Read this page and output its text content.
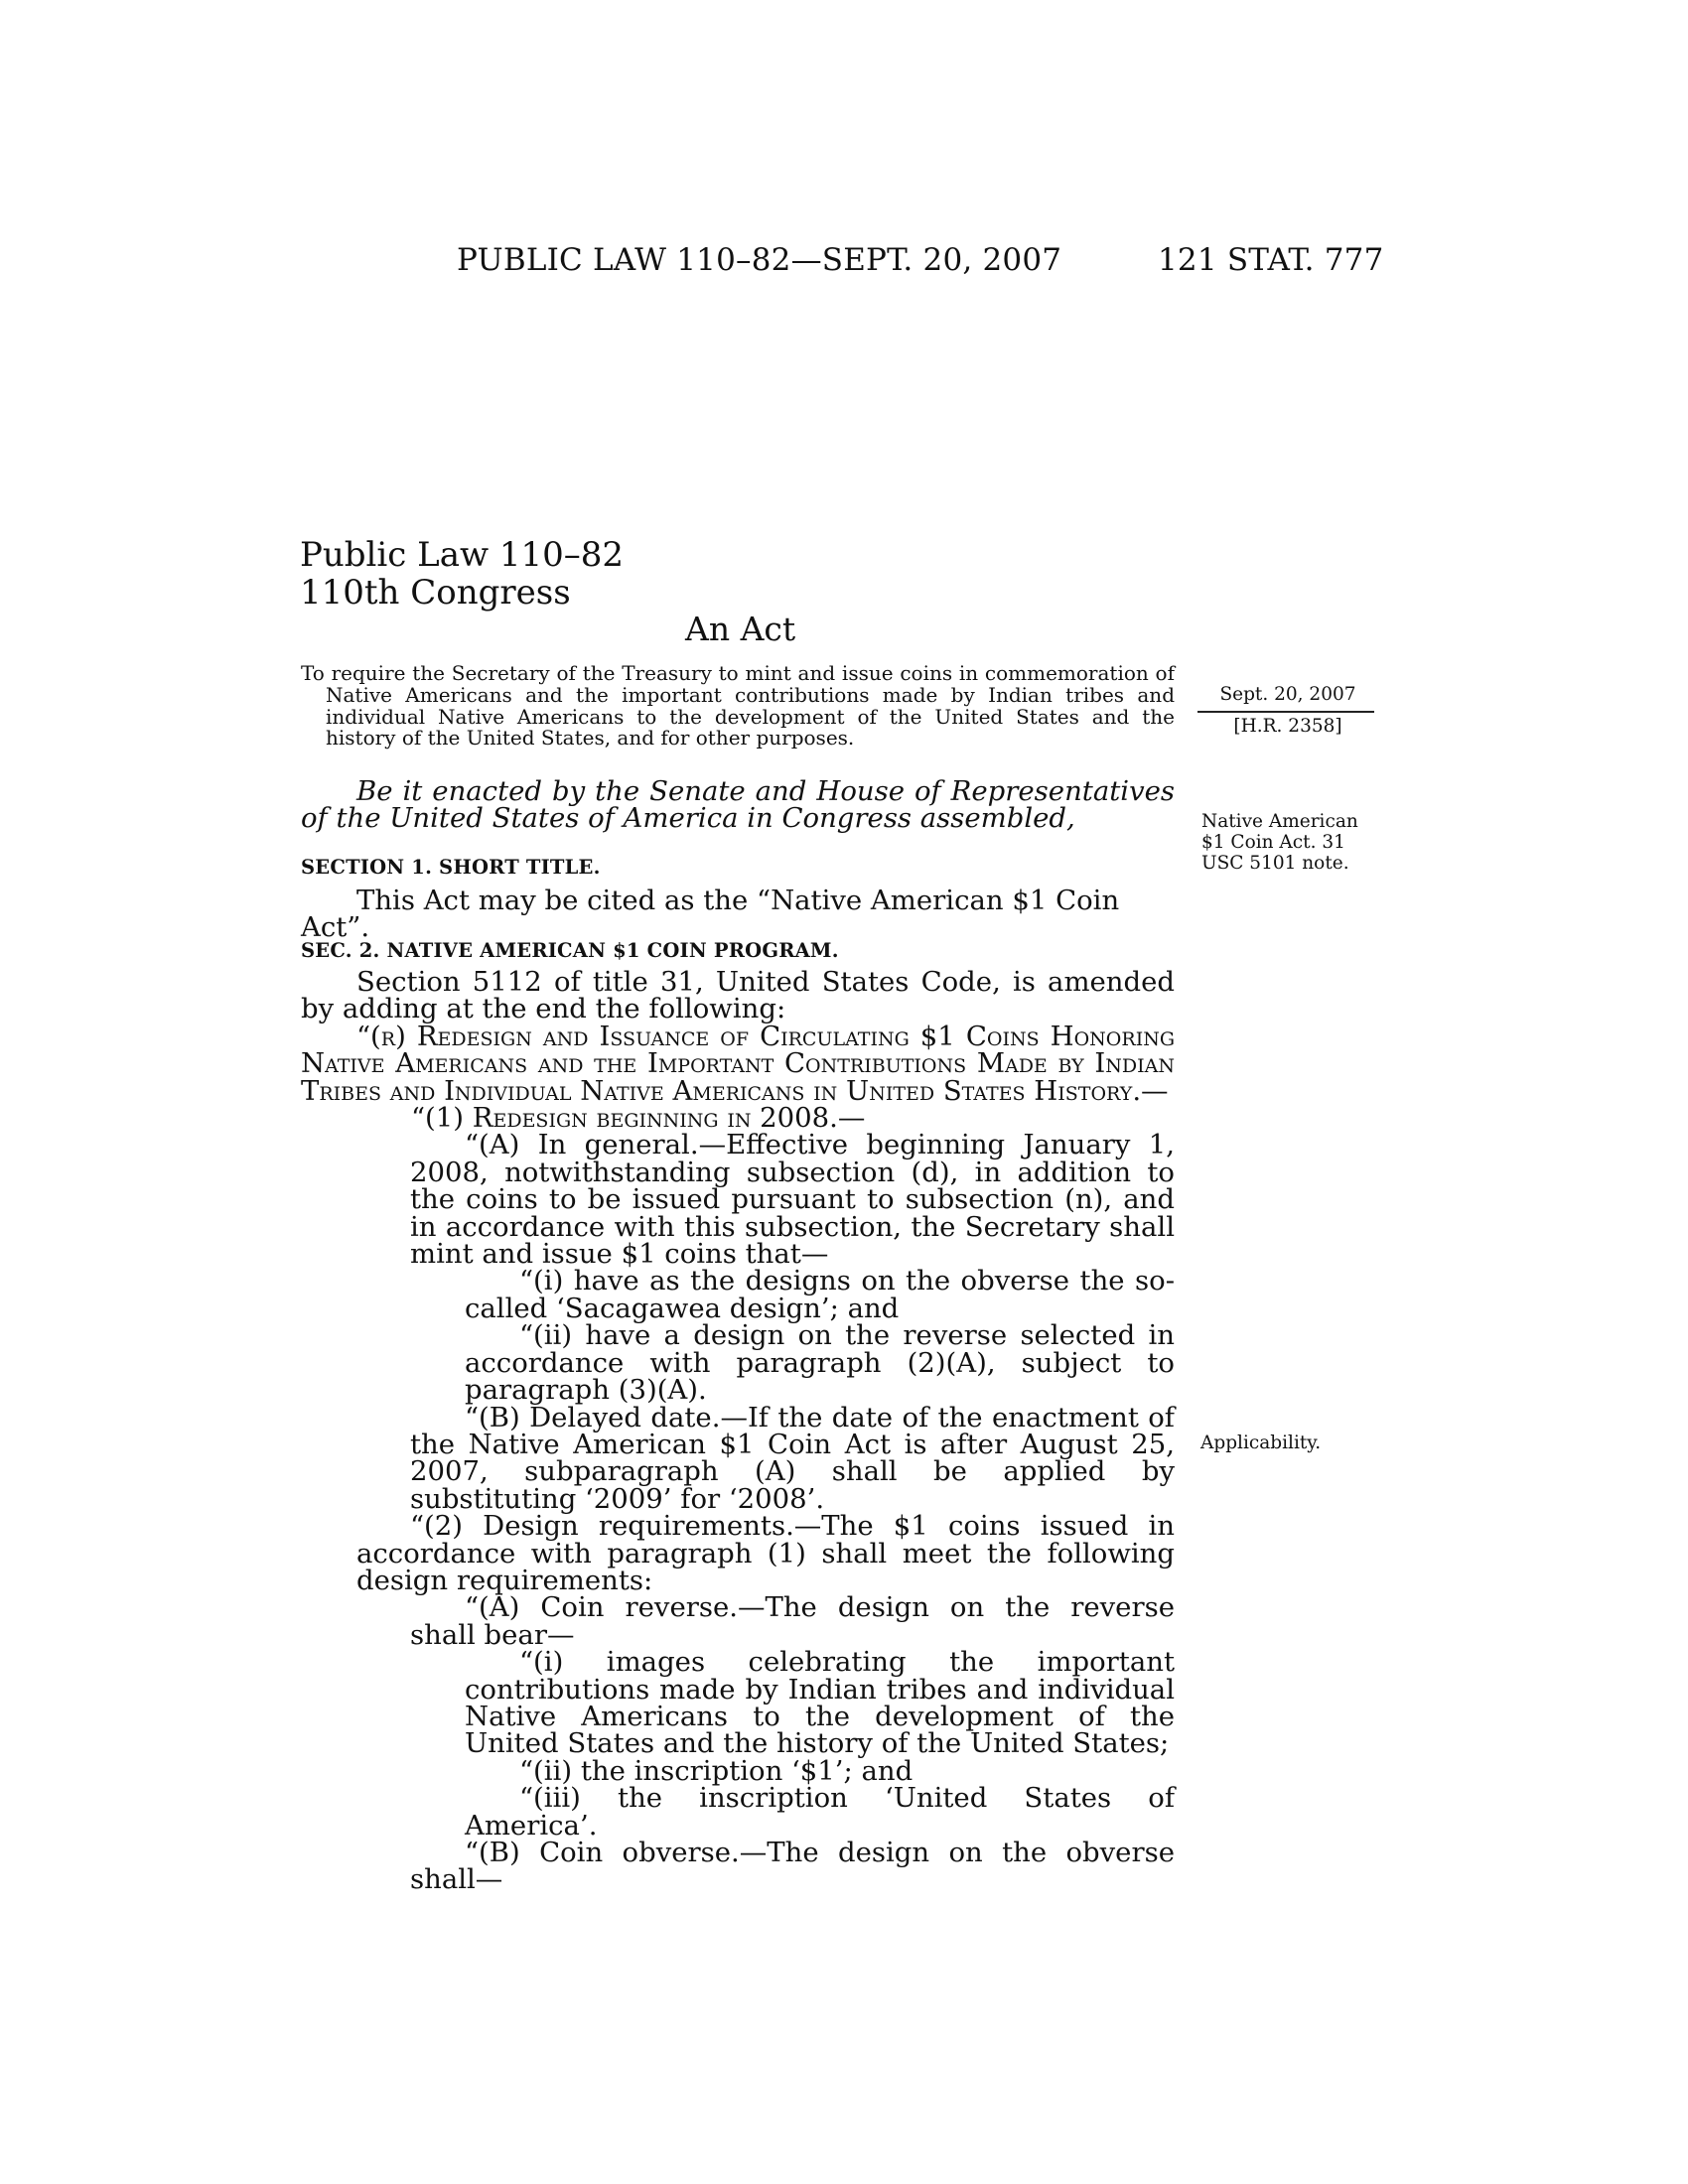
PUBLIC LAW 110–82—SEPT. 20, 2007	121 STAT. 777
Public Law 110–82
110th Congress
An Act
To require the Secretary of the Treasury to mint and issue coins in commemoration of Native Americans and the important contributions made by Indian tribes and individual Native Americans to the development of the United States and the history of the United States, and for other purposes.
Sept. 20, 2007
[H.R. 2358]
Native American $1 Coin Act. 31 USC 5101 note.
Applicability.
Be it enacted by the Senate and House of Representatives of the United States of America in Congress assembled,
SECTION 1. SHORT TITLE.
This Act may be cited as the “Native American $1 Coin Act”.
SEC. 2. NATIVE AMERICAN $1 COIN PROGRAM.

Section 5112 of title 31, United States Code, is amended by adding at the end the following:

“(r) Redesign and Issuance of Circulating $1 Coins Honoring Native Americans and the Important Contributions Made by Indian Tribes and Individual Native Americans in United States History.—

“(1) Redesign beginning in 2008.—

“(A) In general.—Effective beginning January 1, 2008, notwithstanding subsection (d), in addition to the coins to be issued pursuant to subsection (n), and in accordance with this subsection, the Secretary shall mint and issue $1 coins that—

“(i) have as the designs on the obverse the so-called ‘Sacagawea design’; and

“(ii) have a design on the reverse selected in accordance with paragraph (2)(A), subject to paragraph (3)(A).

“(B) Delayed date.—If the date of the enactment of the Native American $1 Coin Act is after August 25, 2007, subparagraph (A) shall be applied by substituting ‘2009’ for ‘2008’.

“(2) Design requirements.—The $1 coins issued in accordance with paragraph (1) shall meet the following design requirements:

“(A) Coin reverse.—The design on the reverse shall bear—

“(i) images celebrating the important contributions made by Indian tribes and individual Native Americans to the development of the United States and the history of the United States;

“(ii) the inscription ‘$1’; and

“(iii) the inscription ‘United States of America’.

“(B) Coin obverse.—The design on the obverse shall—
